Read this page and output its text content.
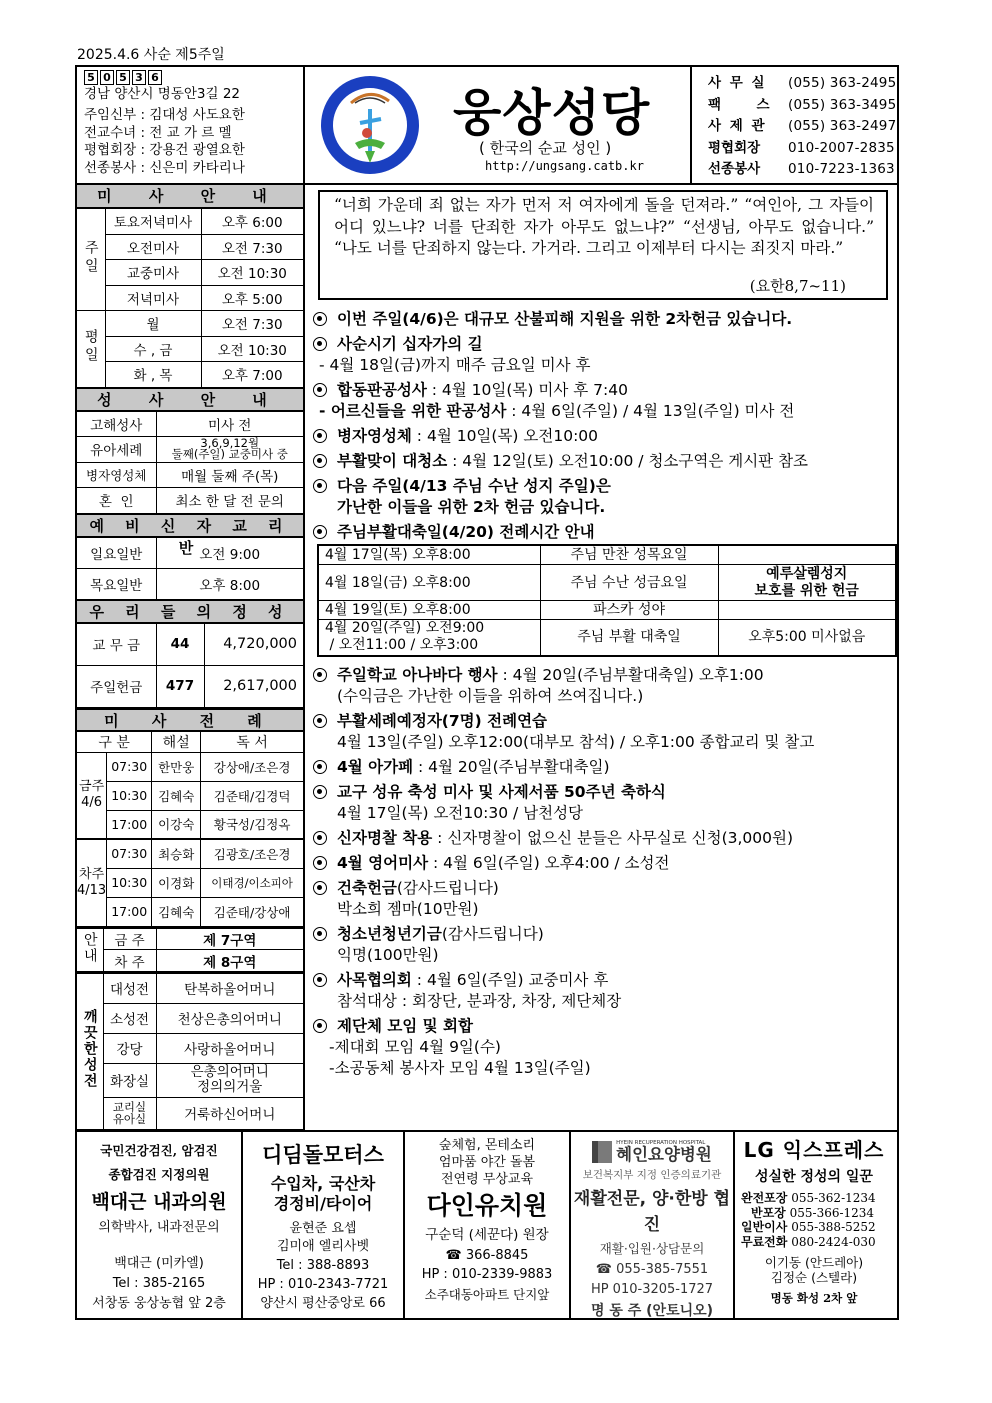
2025.4.6 사순 제5주일
5 0 5 3 6
경남 양산시 명동안3길 22
주임신부 : 김대성 사도요한
전교수녀 : 전 교 가 르 멜
평협회장 : 강용건 광열요한
선종봉사 : 신은미 카타리나
웅상성당
( 한국의 순교 성인 )
http://ungsang.catb.kr
사 무 실	(055) 363-2495
팩     스	(055) 363-3495
사 제 관	(055) 363-2497
평협회장	010-2007-2835
선종봉사	010-7223-1363
미 사 안 내
주일	토요저녁미사	오후 6:00
	오전미사	오전 7:30
	교중미사	오전 10:30
	저녁미사	오후 5:00
평일	월	오전 7:30
	수 , 금	오전 10:30
	화 , 목	오후 7:00
성 사 안 내
고해성사	미사 전
유아세례	3,6,9,12월
둘째(주일) 교중미사 중

병자영성체	매월 둘째 주(목)
혼  인	최소 한 달 전 문의
예 비 신 자 교 리 반
일요일반	오전 9:00
목요일반	오후 8:00
우 리 들 의 정 성
교 무 금	44	4,720,000
주일헌금	477	2,617,000
미 사 전 례
구 분		해설	독 서

금주
4/6	07:30	한만웅	강상애/조은경
	10:30	김혜숙	김준태/김경덕
	17:00	이강숙	황국성/김정옥

차주
4/13	07:30	최승화	김광호/조은경
	10:30	이경화	이태경/이소피아
	17:00	김혜숙	김준태/강상애
안내	금 주	제 7구역
	차 주	제 8구역
깨끗한성전	대성전	탄복하올어머니
	소성전	천상은총의어머니
	강당	사랑하올어머니
	화장실	은총의어머니
정의의거울

	교리실
유아실	거룩하신어머니
“너희 가운데 죄 없는 자가 먼저 저 여자에게 돌을 던져라.” “여인아, 그 자들이 어디 있느냐? 너를 단죄한 자가 아무도 없느냐?” “선생님, 아무도 없습니다.” “나도 너를 단죄하지 않는다. 가거라. 그리고 이제부터 다시는 죄짓지 마라.”
(요한8,7~11)
이번 주일(4/6)은 대규모 산불피해 지원을 위한 2차헌금 있습니다.
사순시기 십자가의 길
- 4월 18일(금)까지 매주 금요일 미사 후
합동판공성사 : 4월 10일(목) 미사 후 7:40
- 어르신들을 위한 판공성사 : 4월 6일(주일) / 4월 13일(주일) 미사 전
병자영성체 : 4월 10일(목) 오전10:00
부활맞이 대청소 : 4월 12일(토) 오전10:00 / 청소구역은 게시판 참조
다음 주일(4/13 주님 수난 성지 주일)은
가난한 이들을 위한 2차 헌금 있습니다.
주님부활대축일(4/20) 전례시간 안내
4월 17일(목) 오후8:00	주님 만찬 성목요일	
4월 18일(금) 오후8:00	주님 수난 성금요일	예루살렘성지
보호를 위한 헌금

4월 19일(토) 오후8:00	파스카 성야	

4월 20일(주일) 오전9:00
/ 오전11:00 / 오후3:00	주님 부활 대축일	오후5:00 미사없음
주일학교 아나바다 행사 : 4월 20일(주님부활대축일) 오후1:00
(수익금은 가난한 이들을 위하여 쓰여집니다.)
부활세례예정자(7명) 전례연습
4월 13일(주일) 오후12:00(대부모 참석) / 오후1:00 종합교리 및 찰고
4월 아가페 : 4월 20일(주님부활대축일)
교구 성유 축성 미사 및 사제서품 50주년 축하식
4월 17일(목) 오전10:30 / 남천성당
신자명찰 착용 : 신자명찰이 없으신 분들은 사무실로 신청(3,000원)
4월 영어미사 : 4월 6일(주일) 오후4:00 / 소성전
건축헌금(감사드립니다)
박소희 젬마(10만원)
청소년청년기금(감사드립니다)
익명(100만원)
사목협의회 : 4월 6일(주일) 교중미사 후
참석대상 : 회장단, 분과장, 차장, 제단체장
제단체 모임 및 회합
-제대회 모임 4월 9일(수)
-소공동체 봉사자 모임 4월 13일(주일)
국민건강검진, 암검진
종합검진 지정의원
백대근 내과의원
의학박사, 내과전문의
백대근 (미카엘)
Tel : 385-2165
서창동 웅상농협 앞 2층
디딤돌모터스
수입차, 국산차
경정비/타이어
윤현준 요셉
김미애 엘리사벳
Tel : 388-8893
HP : 010-2343-7721
양산시 평산중앙로 66
숲체험, 몬테소리
엄마품 야간 돌봄
전연령 무상교육
다인유치원
구순덕 (세꾼다) 원장
☎ 366-8845
HP : 010-2339-9883
소주대동아파트 단지앞
HYEIN RECUPERATION HOSPITAL
혜인요양병원
보건복지부 지정 인증의료기관
재활전문, 양·한방 협진
재활·입원·상담문의
☎ 055-385-7551
HP 010-3205-1727
명 동 주 (안토니오)
LG 익스프레스
성실한 정성의 일꾼
완전포장 055-362-1234
반포장 055-366-1234
일반이사 055-388-5252
무료전화 080-2424-030
이기동 (안드레아)
김정순 (스텔라)
명동 화성 2차 앞
